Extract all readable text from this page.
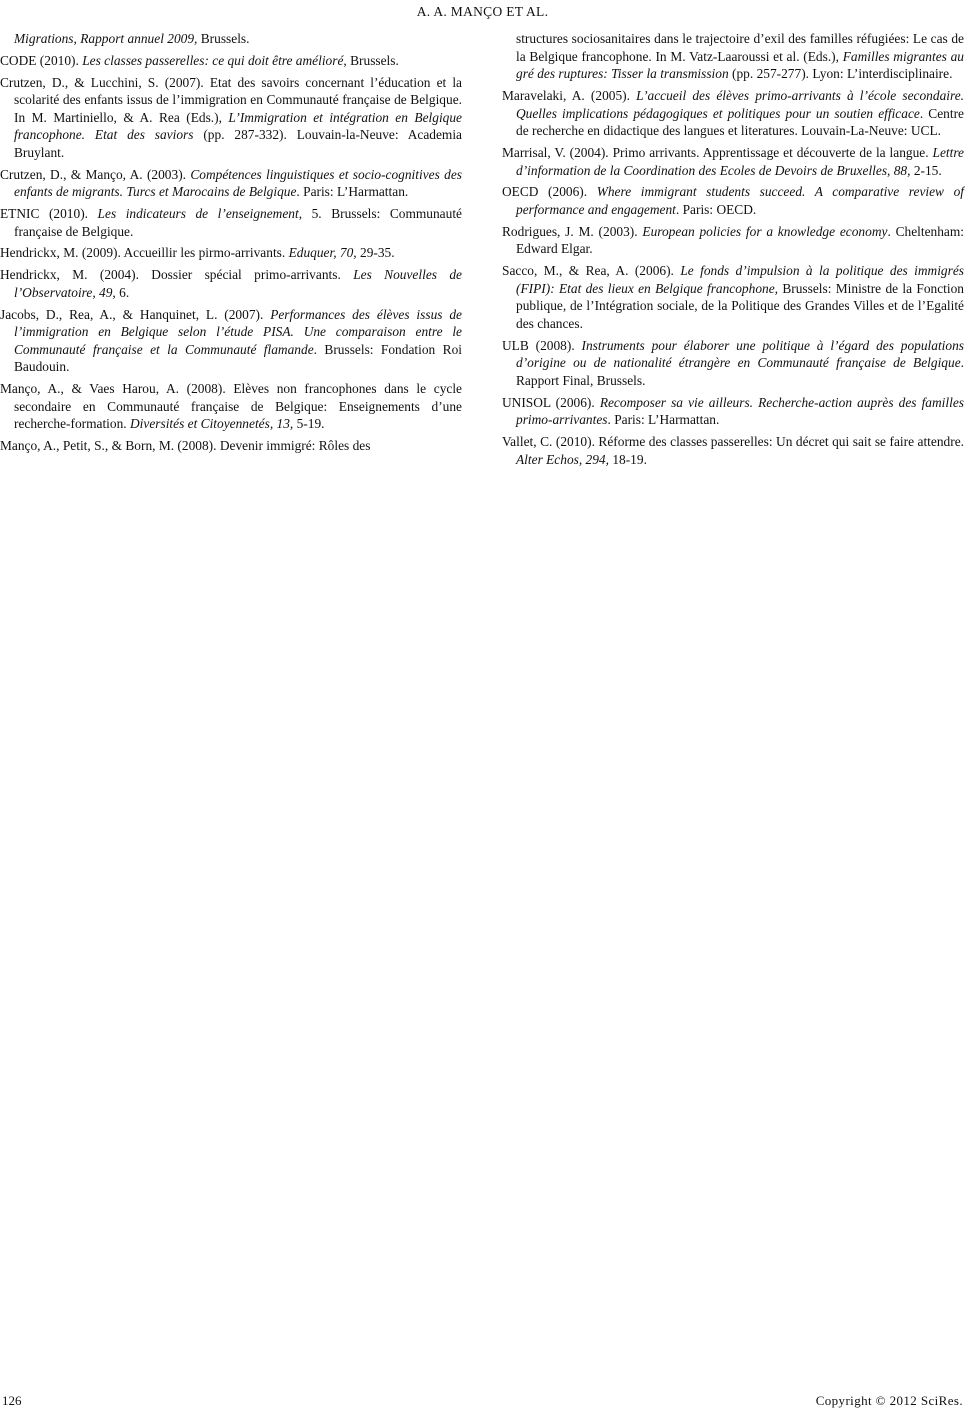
A. A. MANÇO ET AL.
Migrations, Rapport annuel 2009, Brussels.
CODE (2010). Les classes passerelles: ce qui doit être amélioré, Brussels.
Crutzen, D., & Lucchini, S. (2007). Etat des savoirs concernant l’éducation et la scolarité des enfants issus de l’immigration en Communauté française de Belgique. In M. Martiniello, & A. Rea (Eds.), L’Immigration et intégration en Belgique francophone. Etat des saviors (pp. 287-332). Louvain-la-Neuve: Academia Bruylant.
Crutzen, D., & Manço, A. (2003). Compétences linguistiques et socio-cognitives des enfants de migrants. Turcs et Marocains de Belgique. Paris: L’Harmattan.
ETNIC (2010). Les indicateurs de l’enseignement, 5. Brussels: Communauté française de Belgique.
Hendrickx, M. (2009). Accueillir les pirmo-arrivants. Eduquer, 70, 29-35.
Hendrickx, M. (2004). Dossier spécial primo-arrivants. Les Nouvelles de l’Observatoire, 49, 6.
Jacobs, D., Rea, A., & Hanquinet, L. (2007). Performances des élèves issus de l’immigration en Belgique selon l’étude PISA. Une comparaison entre le Communauté française et la Communauté flamande. Brussels: Fondation Roi Baudouin.
Manço, A., & Vaes Harou, A. (2008). Elèves non francophones dans le cycle secondaire en Communauté française de Belgique: Enseignements d’une recherche-formation. Diversités et Citoyennetés, 13, 5-19.
Manço, A., Petit, S., & Born, M. (2008). Devenir immigré: Rôles des
structures sociosanitaires dans le trajectoire d’exil des familles réfugiées: Le cas de la Belgique francophone. In M. Vatz-Laaroussi et al. (Eds.), Familles migrantes au gré des ruptures: Tisser la transmission (pp. 257-277). Lyon: L’interdisciplinaire.
Maravelaki, A. (2005). L’accueil des élèves primo-arrivants à l’école secondaire. Quelles implications pédagogiques et politiques pour un soutien efficace. Centre de recherche en didactique des langues et literatures. Louvain-La-Neuve: UCL.
Marrisal, V. (2004). Primo arrivants. Apprentissage et découverte de la langue. Lettre d’information de la Coordination des Ecoles de Devoirs de Bruxelles, 88, 2-15.
OECD (2006). Where immigrant students succeed. A comparative review of performance and engagement. Paris: OECD.
Rodrigues, J. M. (2003). European policies for a knowledge economy. Cheltenham: Edward Elgar.
Sacco, M., & Rea, A. (2006). Le fonds d’impulsion à la politique des immigrés (FIPI): Etat des lieux en Belgique francophone, Brussels: Ministre de la Fonction publique, de l’Intégration sociale, de la Politique des Grandes Villes et de l’Egalité des chances.
ULB (2008). Instruments pour élaborer une politique à l’égard des populations d’origine ou de nationalité étrangère en Communauté française de Belgique. Rapport Final, Brussels.
UNISOL (2006). Recomposer sa vie ailleurs. Recherche-action auprès des familles primo-arrivantes. Paris: L’Harmattan.
Vallet, C. (2010). Réforme des classes passerelles: Un décret qui sait se faire attendre. Alter Echos, 294, 18-19.
126	Copyright © 2012 SciRes.
